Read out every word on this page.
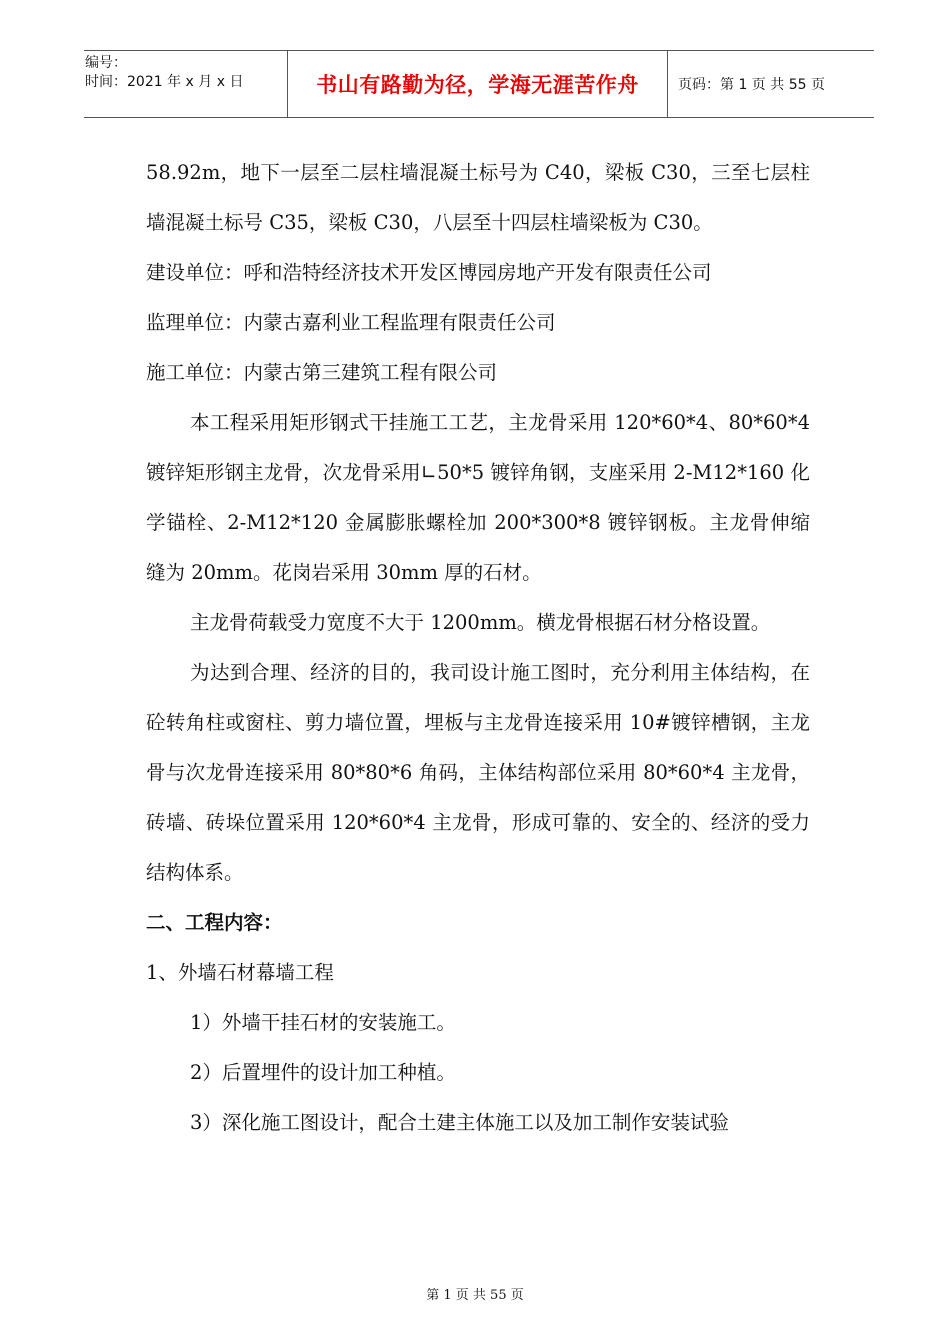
编号：
时间：2021 年 x 月 x 日	书山有路勤为径，学海无涯苦作舟	页码：第 1 页 共 55 页

58.92m，地下一层至二层柱墙混凝土标号为 C40，梁板 C30，三至七层柱墙混凝土标号 C35，梁板 C30，八层至十四层柱墙梁板为 C30。

建设单位：呼和浩特经济技术开发区博园房地产开发有限责任公司

监理单位：内蒙古嘉利业工程监理有限责任公司

施工单位：内蒙古第三建筑工程有限公司

本工程采用矩形钢式干挂施工工艺，主龙骨采用 120*60*4、80*60*4 镀锌矩形钢主龙骨，次龙骨采用∟50*5 镀锌角钢，支座采用 2-M12*160 化学锚栓、2-M12*120 金属膨胀螺栓加 200*300*8 镀锌钢板。主龙骨伸缩缝为 20mm。花岗岩采用 30mm 厚的石材。

主龙骨荷载受力宽度不大于 1200mm。横龙骨根据石材分格设置。

为达到合理、经济的目的，我司设计施工图时，充分利用主体结构，在砼转角柱或窗柱、剪力墙位置，埋板与主龙骨连接采用 10#镀锌槽钢，主龙骨与次龙骨连接采用 80*80*6 角码，主体结构部位采用 80*60*4 主龙骨，砖墙、砖垛位置采用 120*60*4 主龙骨，形成可靠的、安全的、经济的受力结构体系。

二、工程内容：

1、外墙石材幕墙工程

1）外墙干挂石材的安装施工。

2）后置埋件的设计加工种植。

3）深化施工图设计，配合土建主体施工以及加工制作安装试验

第 1 页 共 55 页
